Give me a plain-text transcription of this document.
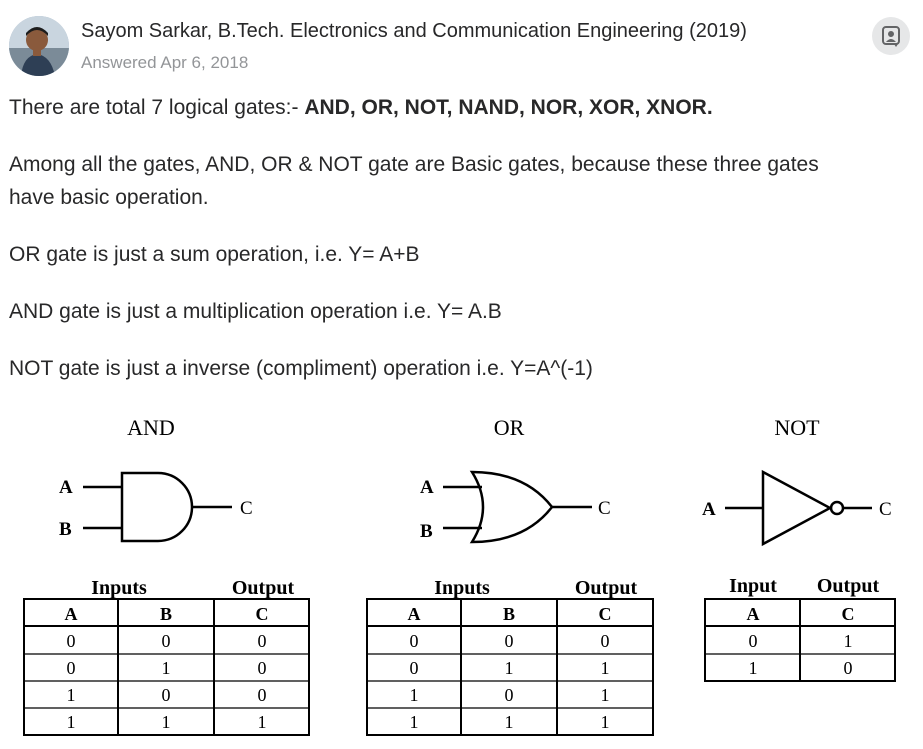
Sayom Sarkar, B.Tech. Electronics and Communication Engineering (2019)
Answered Apr 6, 2018
There are total 7 logical gates:- AND, OR, NOT, NAND, NOR, XOR, XNOR.
Among all the gates, AND, OR & NOT gate are Basic gates, because these three gates
have basic operation.
OR gate is just a sum operation, i.e. Y= A+B
AND gate is just a multiplication operation i.e. Y= A.B
NOT gate is just a inverse (compliment) operation i.e. Y=A^(-1)
AND
A
B
C
OR
A
B
C
NOT
A	C
Inputs	Output
A	B	C
0	0	0
0	1	0
1	0	0
1	1	1
Inputs	Output
A	B	C
0	0	0
0	1	1
1	0	1
1	1	1
Input Output
A	C
0	1
1	0
